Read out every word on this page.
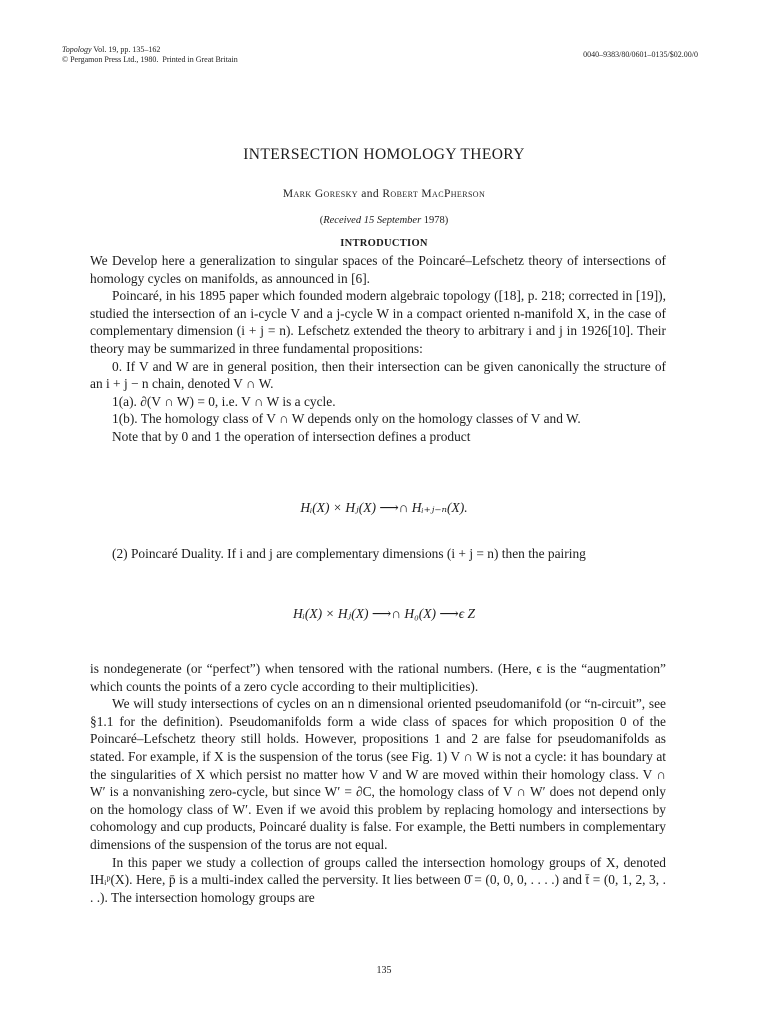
Topology Vol. 19, pp. 135–162
© Pergamon Press Ltd., 1980. Printed in Great Britain
0040–9383/80/0601–0135/$02.00/0
INTERSECTION HOMOLOGY THEORY
Mark Goresky and Robert MacPherson
(Received 15 September 1978)
INTRODUCTION

We Develop here a generalization to singular spaces of the Poincaré–Lefschetz theory of intersections of homology cycles on manifolds, as announced in [6].

Poincaré, in his 1895 paper which founded modern algebraic topology ([18], p. 218; corrected in [19]), studied the intersection of an i-cycle V and a j-cycle W in a compact oriented n-manifold X, in the case of complementary dimension (i + j = n). Lefschetz extended the theory to arbitrary i and j in 1926[10]. Their theory may be summarized in three fundamental propositions:

0. If V and W are in general position, then their intersection can be given canonically the structure of an i + j − n chain, denoted V ∩ W.

1(a). ∂(V ∩ W) = 0, i.e. V ∩ W is a cycle.

1(b). The homology class of V ∩ W depends only on the homology classes of V and W.

Note that by 0 and 1 the operation of intersection defines a product

Hᵢ(X) × Hⱼ(X) ⟶∩ Hᵢ₊ⱼ₋ₙ(X).

(2) Poincaré Duality. If i and j are complementary dimensions (i + j = n) then the pairing

Hᵢ(X) × Hⱼ(X) ⟶∩ H₀(X) ⟶ϵ Z

is nondegenerate (or “perfect”) when tensored with the rational numbers. (Here, ϵ is the “augmentation” which counts the points of a zero cycle according to their multiplicities).

We will study intersections of cycles on an n dimensional oriented pseudomanifold (or “n-circuit”, see §1.1 for the definition). Pseudomanifolds form a wide class of spaces for which proposition 0 of the Poincaré–Lefschetz theory still holds. However, propositions 1 and 2 are false for pseudomanifolds as stated. For example, if X is the suspension of the torus (see Fig. 1) V ∩ W is not a cycle: it has boundary at the singularities of X which persist no matter how V and W are moved within their homology class. V ∩ W′ is a nonvanishing zero-cycle, but since W′ = ∂C, the homology class of V ∩ W′ does not depend only on the homology class of W′. Even if we avoid this problem by replacing homology and intersections by cohomology and cup products, Poincaré duality is false. For example, the Betti numbers in complementary dimensions of the suspension of the torus are not equal.

In this paper we study a collection of groups called the intersection homology groups of X, denoted IHᵢᵖ(X). Here, p̄ is a multi-index called the perversity. It lies between 0̄ = (0, 0, 0, . . . .) and t̄ = (0, 1, 2, 3, . . .). The intersection homology groups are

135
